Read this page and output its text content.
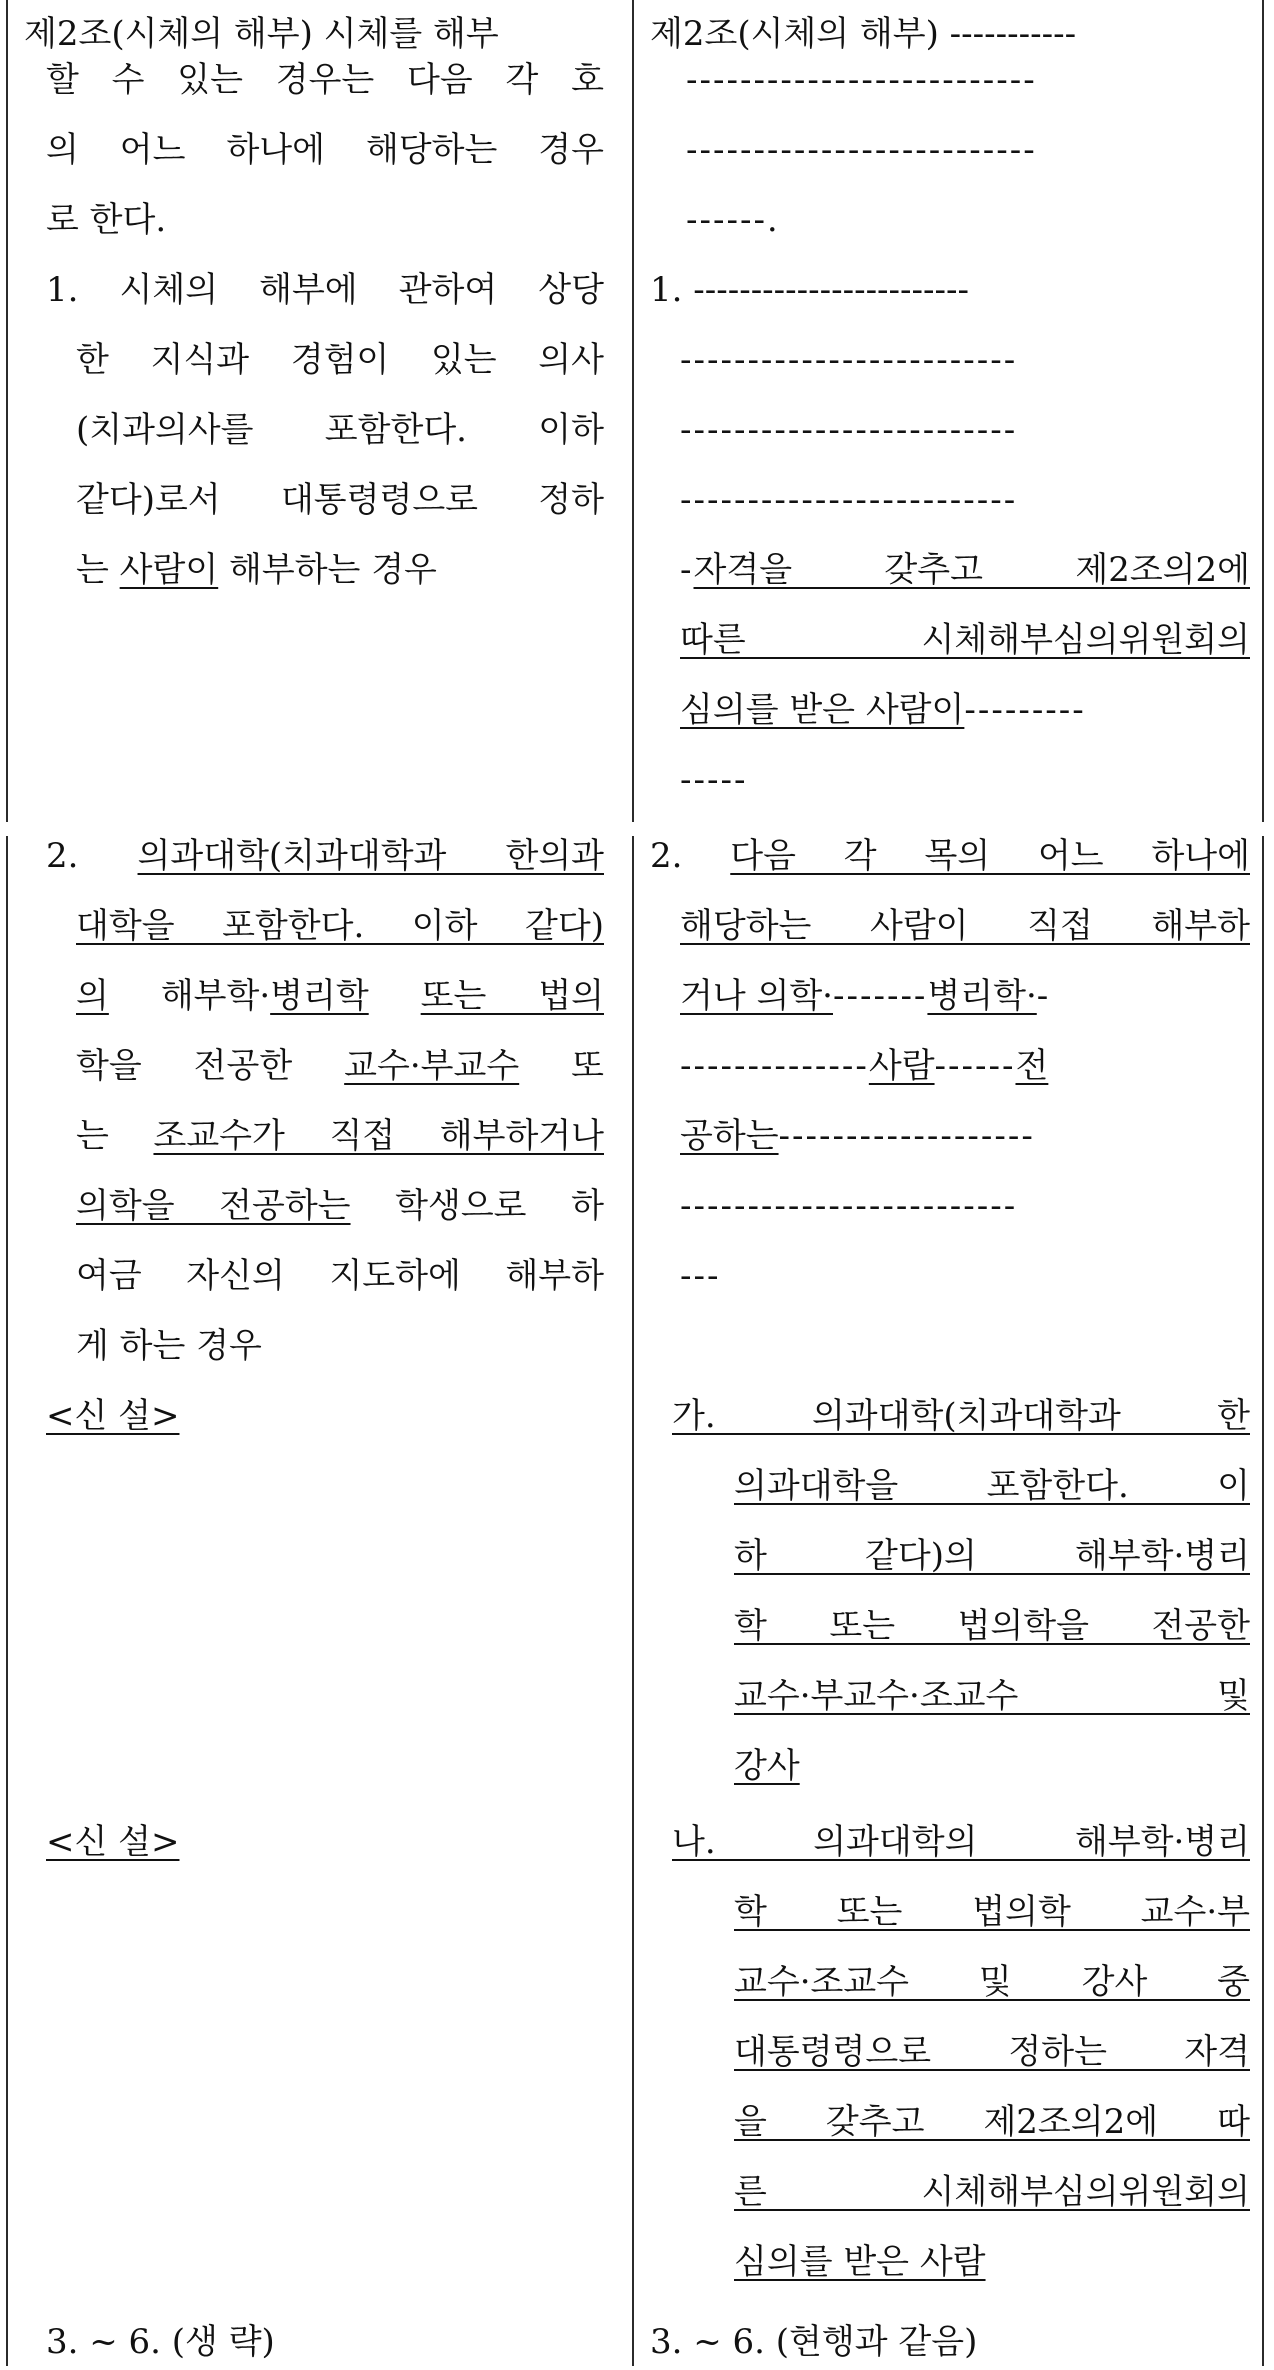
제2조(시체의 해부) 시체를 해부
할 수 있는 경우는 다음 각 호
의 어느 하나에 해당하는 경우
로 한다.
1. 시체의 해부에 관하여 상당
한 지식과 경험이 있는 의사
(치과의사를 포함한다. 이하
같다)로서 대통령령으로 정하
는 사람이 해부하는 경우
2. 의과대학(치과대학과 한의과
대학을 포함한다. 이하 같다)
의 해부학·병리학 또는 법의
학을 전공한 교수·부교수 또
는 조교수가 직접 해부하거나
의학을 전공하는 학생으로 하
여금 자신의 지도하에 해부하
게 하는 경우
<신 설>
<신 설>
3. ~ 6. (생 략)
제2조(시체의 해부) -----------
--------------------------
--------------------------
------.
1. ------------------------
-------------------------
-------------------------
-------------------------
-자격을 갖추고 제2조의2에
따른 시체해부심의위원회의
심의를 받은 사람이---------
-----
2. 다음 각 목의 어느 하나에
해당하는 사람이 직접 해부하
거나 의학·-------병리학·-
--------------사람------전
공하는-------------------
-------------------------
---
가. 의과대학(치과대학과 한
의과대학을 포함한다. 이
하 같다)의 해부학·병리
학 또는 법의학을 전공한
교수·부교수·조교수 및
강사
나. 의과대학의 해부학·병리
학 또는 법의학 교수·부
교수·조교수 및 강사 중
대통령령으로 정하는 자격
을 갖추고 제2조의2에 따
른 시체해부심의위원회의
심의를 받은 사람
3. ~ 6. (현행과 같음)
